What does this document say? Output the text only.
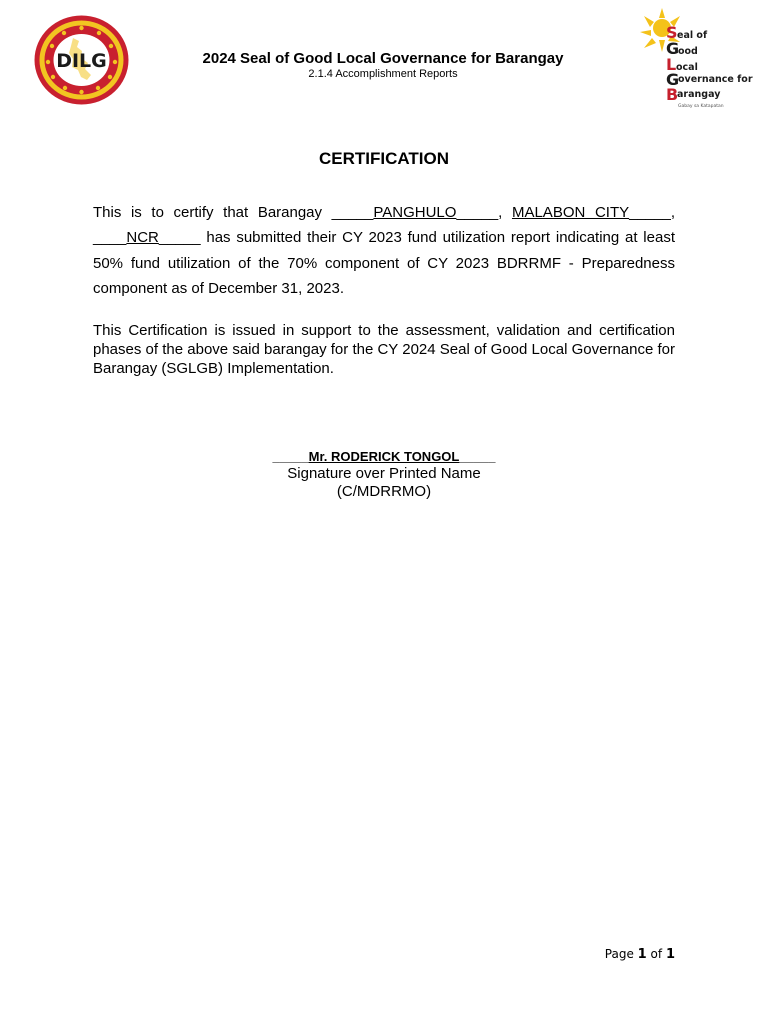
DILG
S
G
L
G
B
eal of
ood
ocal
overnance for
arangay
Gabay sa Katapatan
2024 Seal of Good Local Governance for Barangay
2.1.4 Accomplishment Reports
CERTIFICATION
This is to certify that Barangay _____PANGHULO_____, MALABON CITY_____, ____NCR_____ has submitted their CY 2023 fund utilization report indicating at least 50% fund utilization of the 70% component of CY 2023 BDRRMF - Preparedness component as of December 31, 2023.
This Certification is issued in support to the assessment, validation and certification phases of the above said barangay for the CY 2024 Seal of Good Local Governance for Barangay (SGLGB) Implementation.
_____Mr. RODERICK TONGOL_____
Signature over Printed Name
(C/MDRRMO)
Page 1 of 1
